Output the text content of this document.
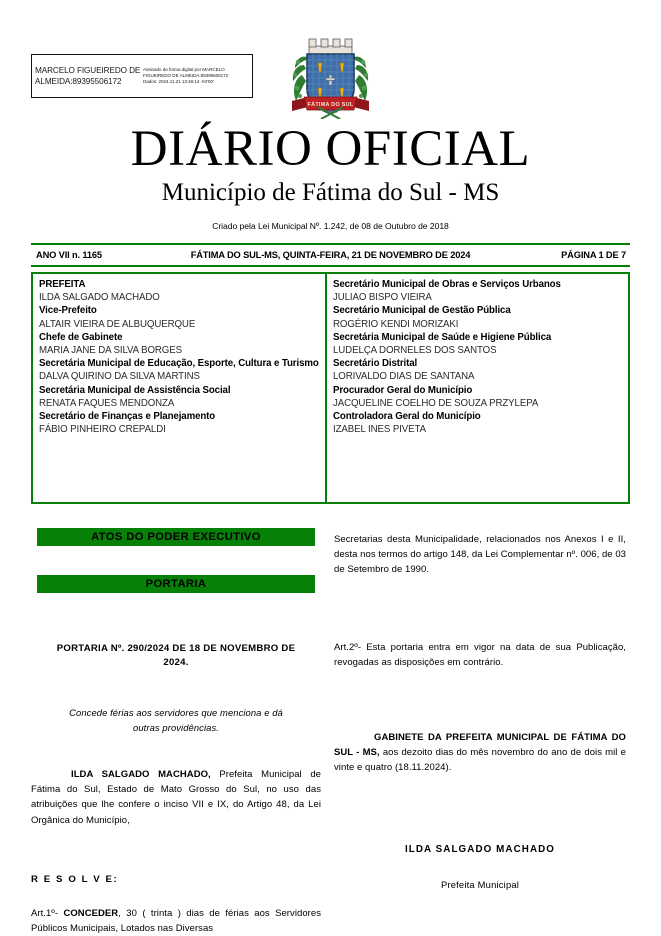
MARCELO FIGUEIREDO DE
ALMEIDA:89395506172
Assinado de forma digital por MARCELO
FIGUEIREDO DE ALMEIDA:89395506172
Dados: 2024.11.21 13:46:14 -04'00'
FÁTIMA DO SUL
DIÁRIO OFICIAL
Município de Fátima do Sul - MS
Criado pela Lei Municipal Nº. 1.242, de 08 de Outubro de 2018
ANO VII n. 1165	FÁTIMA DO SUL-MS, QUINTA-FEIRA, 21 DE NOVEMBRO DE 2024	PÁGINA 1 DE 7
PREFEITA
ILDA SALGADO MACHADO
Vice-Prefeito
ALTAIR VIEIRA DE ALBUQUERQUE
Chefe de Gabinete
MARIA JANE DA SILVA BORGES
Secretária Municipal de Educação, Esporte, Cultura e Turismo
DALVA QUIRINO DA SILVA MARTINS
Secretária Municipal de Assistência Social
RENATA FAQUES MENDONZA
Secretário de Finanças e Planejamento
FÁBIO PINHEIRO CREPALDI
Secretário Municipal de Obras e Serviços Urbanos
JULIAO BISPO VIEIRA
Secretário Municipal de Gestão Pública
ROGÉRIO KENDI MORIZAKI
Secretária Municipal de Saúde e Higiene Pública
LUDELÇA DORNELES DOS SANTOS
Secretário Distrital
LORIVALDO DIAS DE SANTANA
Procurador Geral do Município
JACQUELINE COELHO DE SOUZA PRZYLEPA
Controladora Geral do Município
IZABEL INES PIVETA
ATOS DO PODER EXECUTIVO
PORTARIA
PORTARIA Nº. 290/2024 DE 18 DE NOVEMBRO DE 2024.
Concede férias aos servidores que menciona e dá outras providências.
ILDA SALGADO MACHADO, Prefeita Municipal de Fátima do Sul, Estado de Mato Grosso do Sul, no uso das atribuições que lhe confere o inciso VII e IX, do Artigo 48, da Lei Orgânica do Município,
R E S O L V E:
Art.1º- CONCEDER, 30 ( trinta ) dias de férias aos Servidores Públicos Municipais, Lotados nas Diversas
Secretarias desta Municipalidade, relacionados nos Anexos I e II, desta nos termos do artigo 148, da Lei Complementar nº. 006, de 03 de Setembro de 1990.
Art.2º- Esta portaria entra em vigor na data de sua Publicação, revogadas as disposições em contrário.
GABINETE DA PREFEITA MUNICIPAL DE FÁTIMA DO SUL - MS, aos dezoito dias do mês novembro do ano de dois mil e vinte e quatro (18.11.2024).
ILDA SALGADO MACHADO
Prefeita Municipal
